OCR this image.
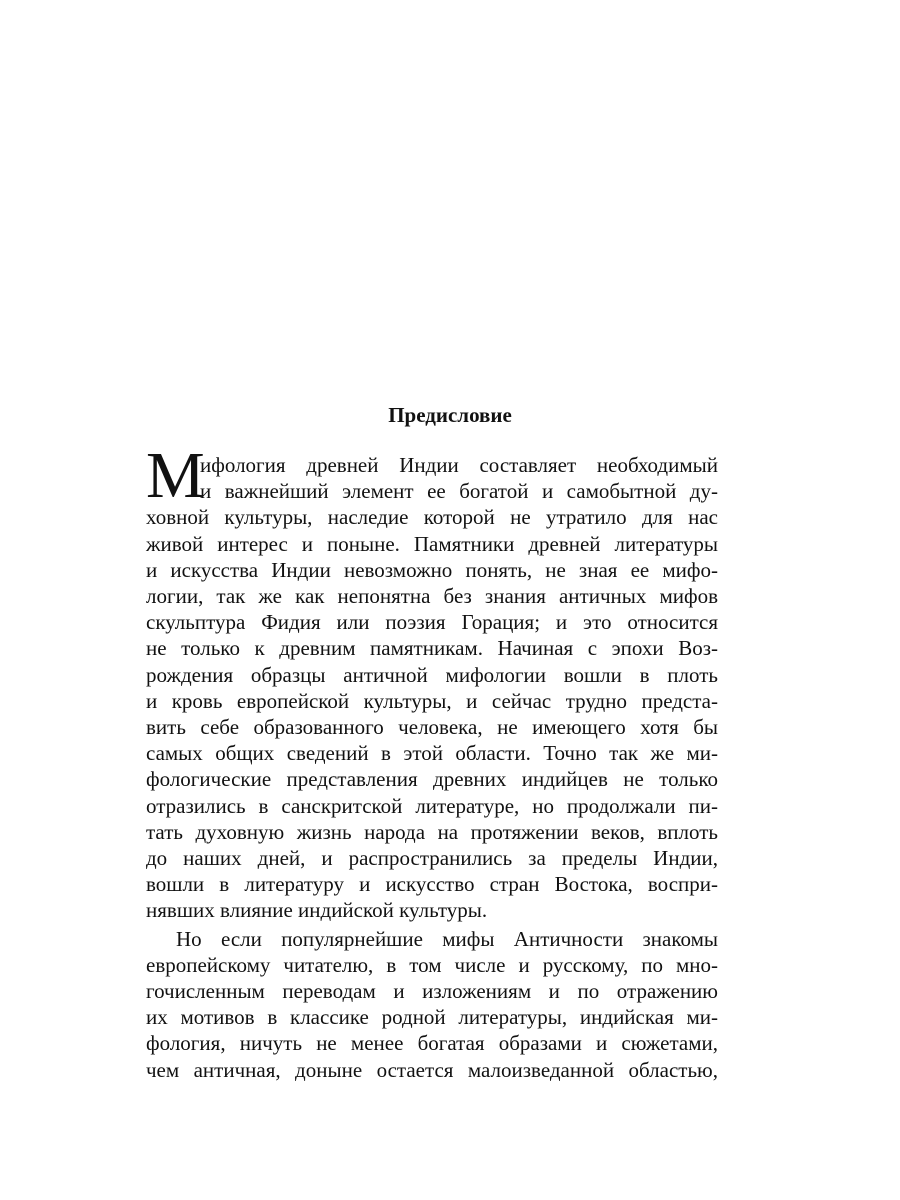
Предисловие
М

ифология древней Индии составляет необходимый

и важнейший элемент ее богатой и самобытной ду-

ховной культуры, наследие которой не утратило для нас

живой интерес и поныне. Памятники древней литературы

и искусства Индии невозможно понять, не зная ее мифо-

логии, так же как непонятна без знания античных мифов

скульптура Фидия или поэзия Горация; и это относится

не только к древним памятникам. Начиная с эпохи Воз-

рождения образцы античной мифологии вошли в плоть

и кровь европейской культуры, и сейчас трудно предста-

вить себе образованного человека, не имеющего хотя бы

самых общих сведений в этой области. Точно так же ми-

фологические представления древних индийцев не только

отразились в санскритской литературе, но продолжали пи-

тать духовную жизнь народа на протяжении веков, вплоть

до наших дней, и распространились за пределы Индии,

вошли в литературу и искусство стран Востока, воспри-

нявших влияние индийской культуры.

Но если популярнейшие мифы Античности знакомы

европейскому читателю, в том числе и русскому, по мно-

гочисленным переводам и изложениям и по отражению

их мотивов в классике родной литературы, индийская ми-

фология, ничуть не менее богатая образами и сюжетами,

чем античная, доныне остается малоизведанной областью,
